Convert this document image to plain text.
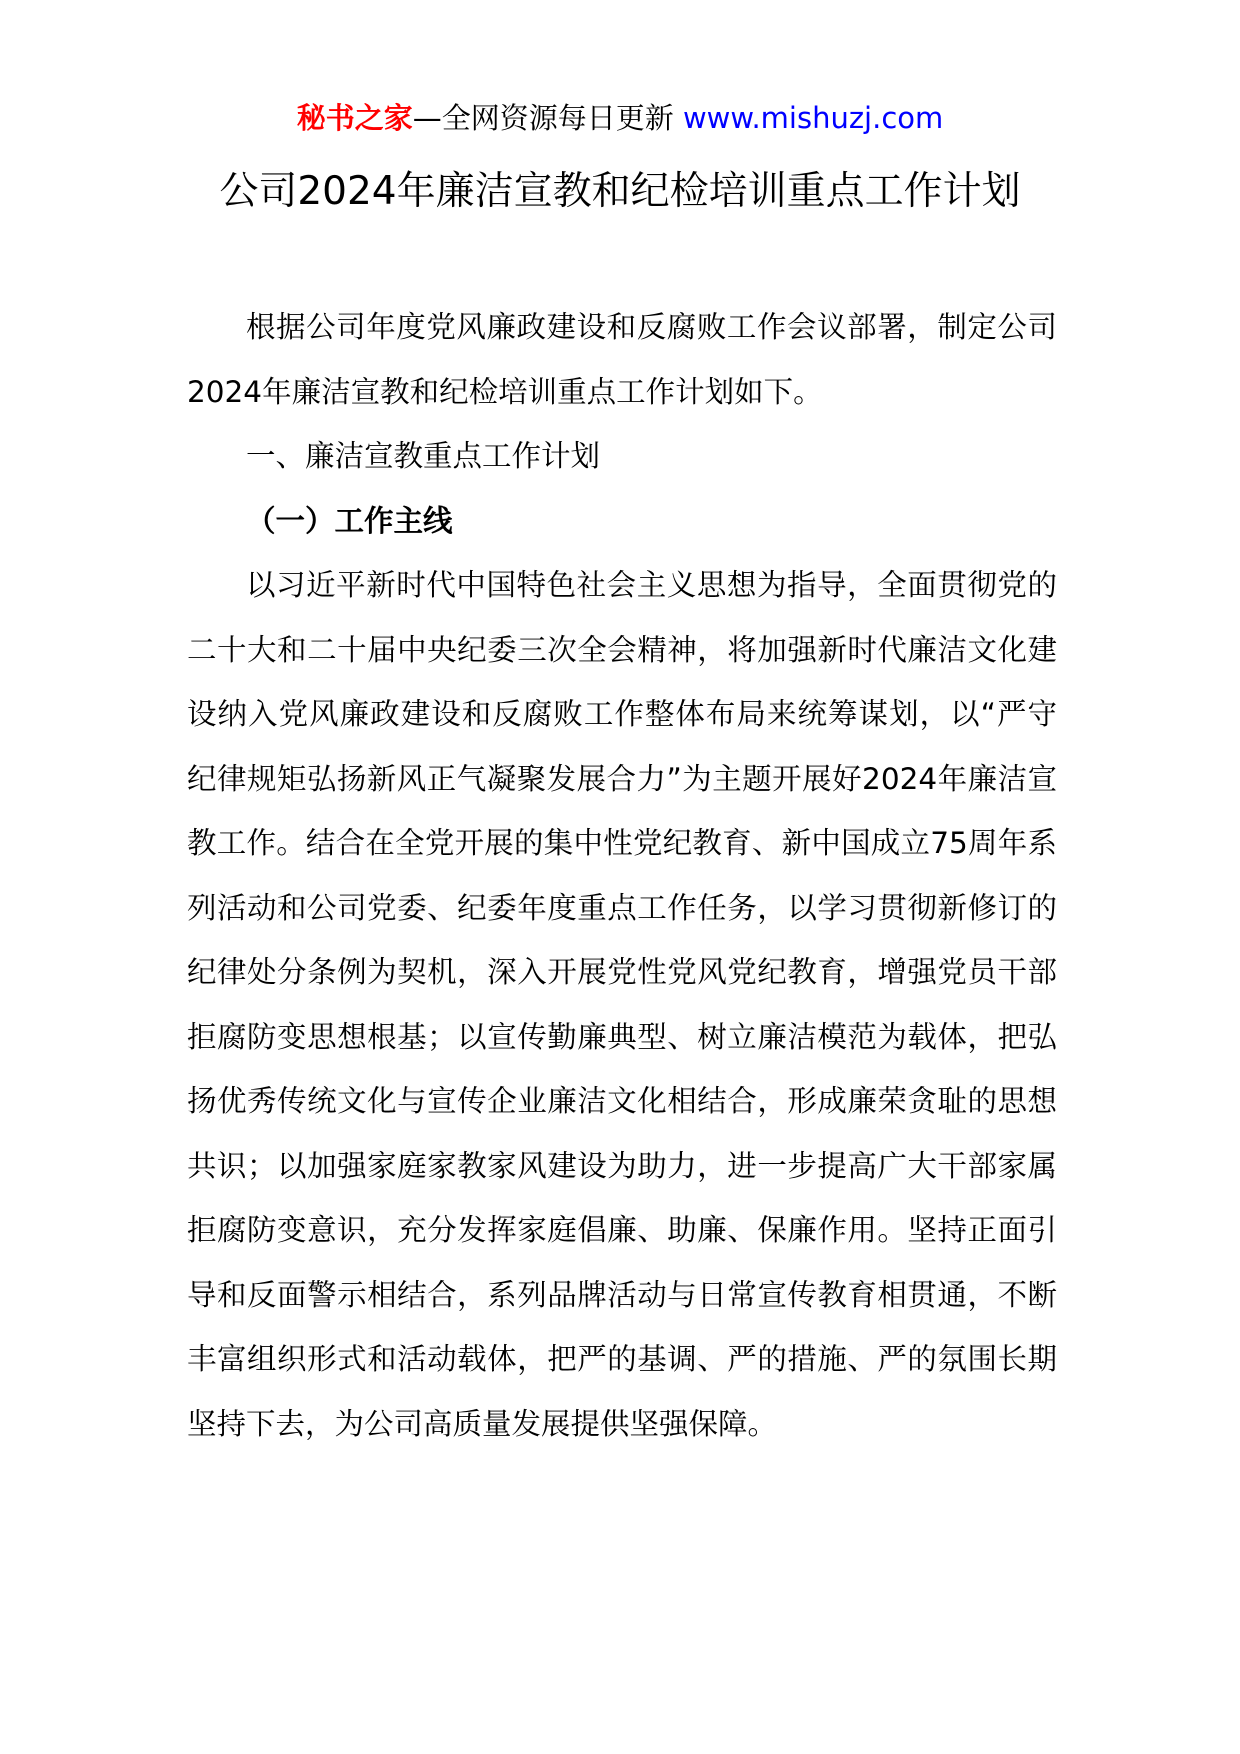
秘书之家—全网资源每日更新 www.mishuzj.com
公司2024年廉洁宣教和纪检培训重点工作计划

根据公司年度党风廉政建设和反腐败工作会议部署，制定公司2024年廉洁宣教和纪检培训重点工作计划如下。

一、廉洁宣教重点工作计划

（一）工作主线

以习近平新时代中国特色社会主义思想为指导，全面贯彻党的二十大和二十届中央纪委三次全会精神，将加强新时代廉洁文化建设纳入党风廉政建设和反腐败工作整体布局来统筹谋划，以“严守纪律规矩弘扬新风正气凝聚发展合力”为主题开展好2024年廉洁宣教工作。结合在全党开展的集中性党纪教育、新中国成立75周年系列活动和公司党委、纪委年度重点工作任务，以学习贯彻新修订的纪律处分条例为契机，深入开展党性党风党纪教育，增强党员干部拒腐防变思想根基；以宣传勤廉典型、树立廉洁模范为载体，把弘扬优秀传统文化与宣传企业廉洁文化相结合，形成廉荣贪耻的思想共识；以加强家庭家教家风建设为助力，进一步提高广大干部家属拒腐防变意识，充分发挥家庭倡廉、助廉、保廉作用。坚持正面引导和反面警示相结合，系列品牌活动与日常宣传教育相贯通，不断丰富组织形式和活动载体，把严的基调、严的措施、严的氛围长期坚持下去，为公司高质量发展提供坚强保障。
